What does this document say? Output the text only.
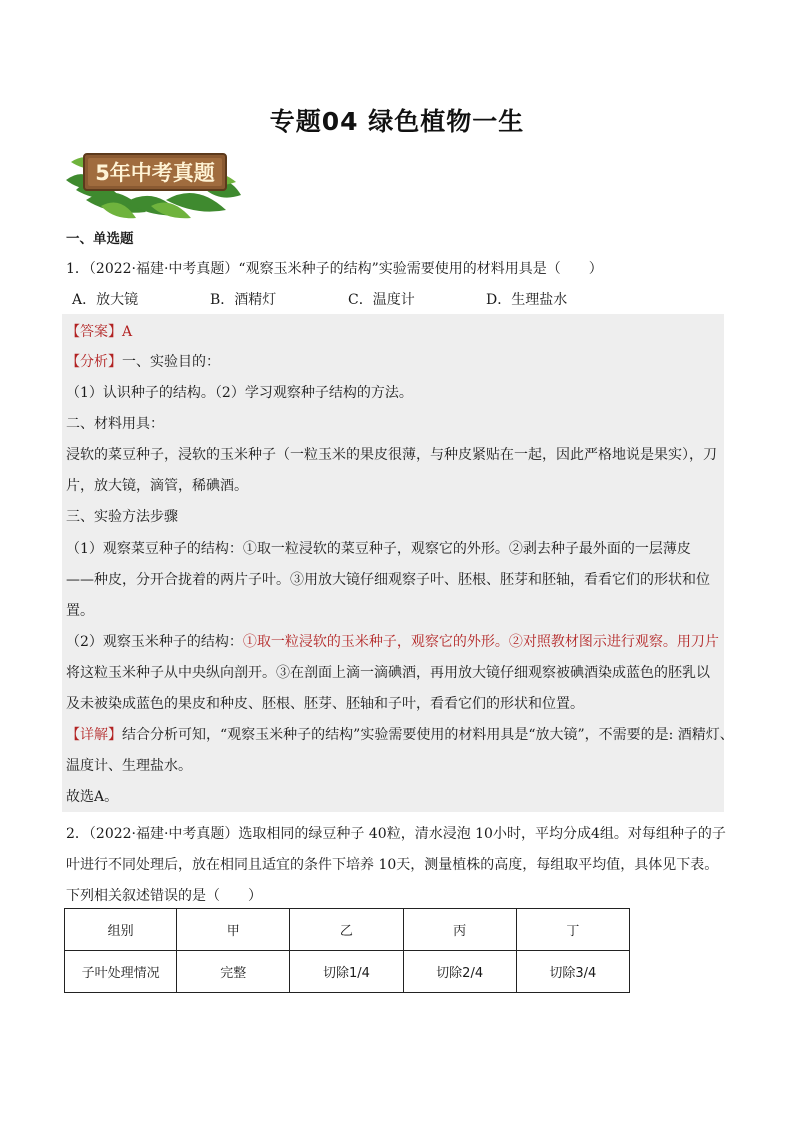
专题04 绿色植物一生
5年中考真题
一、单选题
1．（2022·福建·中考真题）“观察玉米种子的结构”实验需要使用的材料用具是（　　）
A．放大镜	B．酒精灯	C．温度计	D．生理盐水
【答案】A
【分析】一、实验目的：
（1）认识种子的结构。（2）学习观察种子结构的方法。
二、材料用具：
浸软的菜豆种子，浸软的玉米种子（一粒玉米的果皮很薄，与种皮紧贴在一起，因此严格地说是果实），刀
片，放大镜，滴管，稀碘酒。
三、实验方法步骤
（1）观察菜豆种子的结构：①取一粒浸软的菜豆种子，观察它的外形。②剥去种子最外面的一层薄皮
——种皮，分开合拢着的两片子叶。③用放大镜仔细观察子叶、胚根、胚芽和胚轴，看看它们的形状和位
置。
（2）观察玉米种子的结构：①取一粒浸软的玉米种子，观察它的外形。②对照教材图示进行观察。用刀片
将这粒玉米种子从中央纵向剖开。③在剖面上滴一滴碘酒，再用放大镜仔细观察被碘酒染成蓝色的胚乳以
及未被染成蓝色的果皮和种皮、胚根、胚芽、胚轴和子叶，看看它们的形状和位置。
【详解】结合分析可知，“观察玉米种子的结构”实验需要使用的材料用具是“放大镜”，不需要的是: 酒精灯、
温度计、生理盐水。
故选A。
2．（2022·福建·中考真题）选取相同的绿豆种子 40粒，清水浸泡 10小时，平均分成4组。对每组种子的子
叶进行不同处理后，放在相同且适宜的条件下培养 10天，测量植株的高度，每组取平均值，具体见下表。
下列相关叙述错误的是（　　）
组别	甲	乙	丙	丁
子叶处理情况	完整	切除1/4	切除2/4	切除3/4
